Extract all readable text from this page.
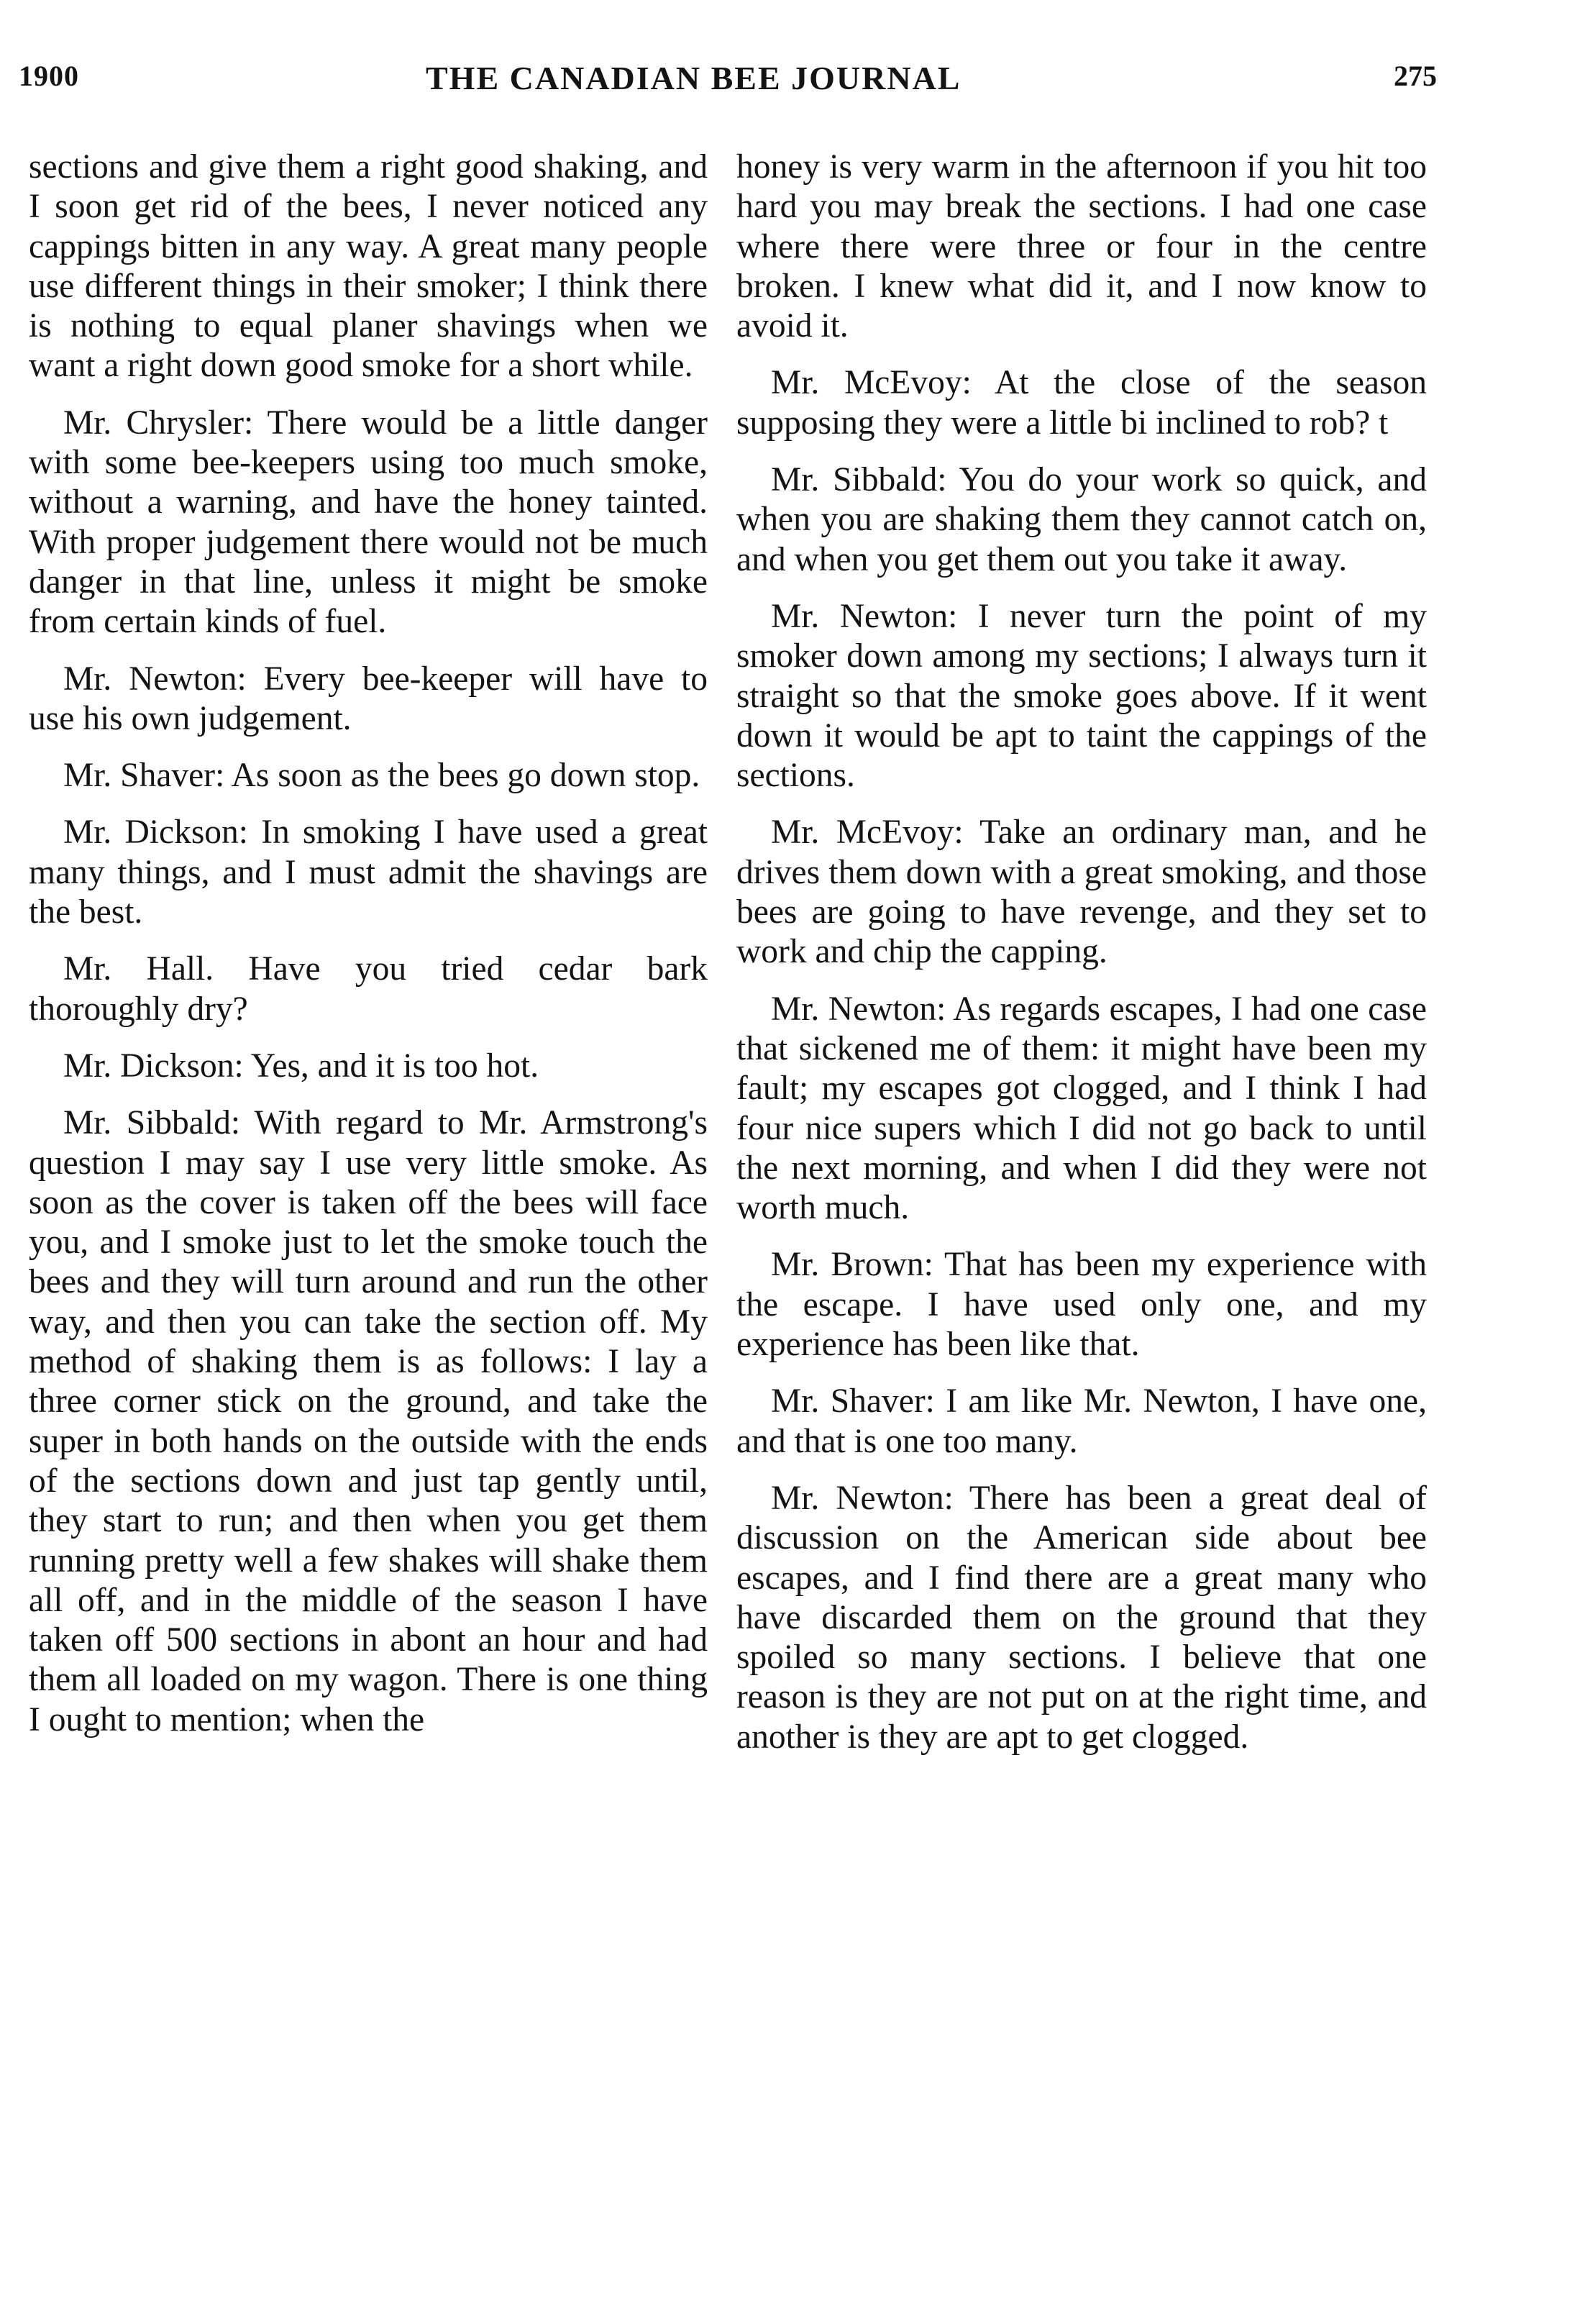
1900	THE CANADIAN BEE JOURNAL	275

sections and give them a right good shaking, and I soon get rid of the bees, I never noticed any cappings bitten in any way. A great many people use different things in their smoker; I think there is nothing to equal planer shavings when we want a right down good smoke for a short while.

Mr. Chrysler: There would be a little danger with some bee-keepers using too much smoke, without a warning, and have the honey tainted. With proper judgement there would not be much danger in that line, unless it might be smoke from certain kinds of fuel.

Mr. Newton: Every bee-keeper will have to use his own judgement.

Mr. Shaver: As soon as the bees go down stop.

Mr. Dickson: In smoking I have used a great many things, and I must admit the shavings are the best.

Mr. Hall. Have you tried cedar bark thoroughly dry?

Mr. Dickson: Yes, and it is too hot.

Mr. Sibbald: With regard to Mr. Armstrong's question I may say I use very little smoke. As soon as the cover is taken off the bees will face you, and I smoke just to let the smoke touch the bees and they will turn around and run the other way, and then you can take the section off. My method of shaking them is as follows: I lay a three corner stick on the ground, and take the super in both hands on the outside with the ends of the sections down and just tap gently until, they start to run; and then when you get them running pretty well a few shakes will shake them all off, and in the middle of the season I have taken off 500 sections in abont an hour and had them all loaded on my wagon. There is one thing I ought to mention; when the

honey is very warm in the afternoon if you hit too hard you may break the sections. I had one case where there were three or four in the centre broken. I knew what did it, and I now know to avoid it.

Mr. McEvoy: At the close of the season supposing they were a little bi inclined to rob? t

Mr. Sibbald: You do your work so quick, and when you are shaking them they cannot catch on, and when you get them out you take it away.

Mr. Newton: I never turn the point of my smoker down among my sections; I always turn it straight so that the smoke goes above. If it went down it would be apt to taint the cappings of the sections.

Mr. McEvoy: Take an ordinary man, and he drives them down with a great smoking, and those bees are going to have revenge, and they set to work and chip the capping.

Mr. Newton: As regards escapes, I had one case that sickened me of them: it might have been my fault; my escapes got clogged, and I think I had four nice supers which I did not go back to until the next morning, and when I did they were not worth much.

Mr. Brown: That has been my experience with the escape. I have used only one, and my experience has been like that.

Mr. Shaver: I am like Mr. Newton, I have one, and that is one too many.

Mr. Newton: There has been a great deal of discussion on the American side about bee escapes, and I find there are a great many who have discarded them on the ground that they spoiled so many sections. I believe that one reason is they are not put on at the right time, and another is they are apt to get clogged.
